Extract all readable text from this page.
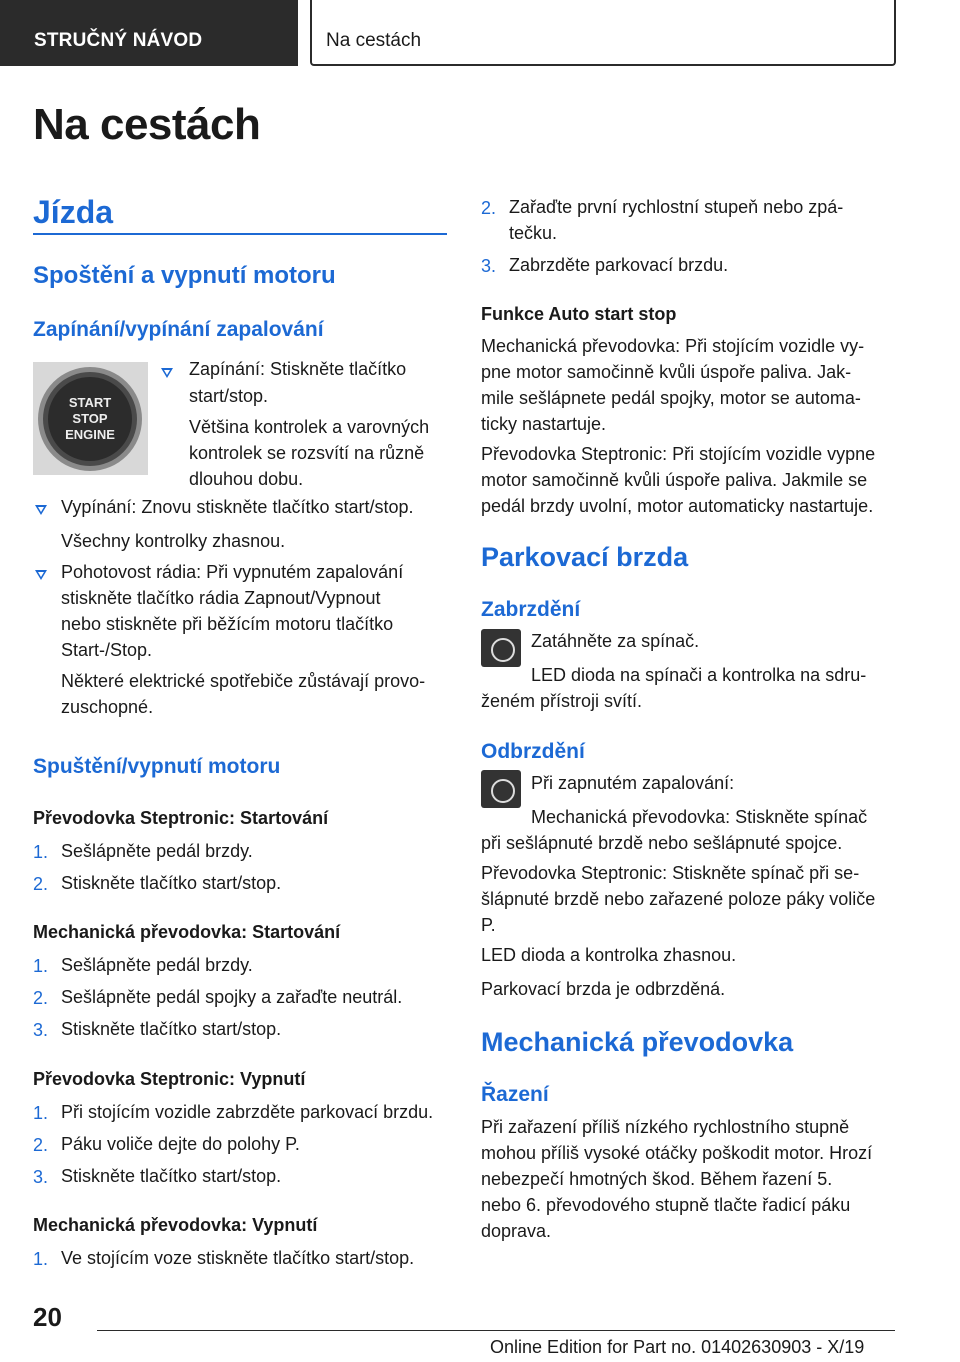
STRUČNÝ NÁVOD	Na cestách
Na cestách
Jízda
Spoštění a vypnutí motoru
Zapínání/vypínání zapalování
START STOP ENGINE
Zapínání: Stiskněte tlačítko
start/stop.
Většina kontrolek a varovných
kontrolek se rozsvítí na různě
dlouhou dobu.
Vypínání: Znovu stiskněte tlačítko start/stop.
Všechny kontrolky zhasnou.
Pohotovost rádia: Při vypnutém zapalování
stiskněte tlačítko rádia Zapnout/Vypnout
nebo stiskněte při běžícím motoru tlačítko
Start-/Stop.
Některé elektrické spotřebiče zůstávají provo-
zuschopné.
Spuštění/vypnutí motoru
Převodovka Steptronic: Startování
1. Sešlápněte pedál brzdy.
2. Stiskněte tlačítko start/stop.
Mechanická převodovka: Startování
1. Sešlápněte pedál brzdy.
2. Sešlápněte pedál spojky a zařaďte neutrál.
3. Stiskněte tlačítko start/stop.
Převodovka Steptronic: Vypnutí
1. Při stojícím vozidle zabrzděte parkovací brzdu.
2. Páku voliče dejte do polohy P.
3. Stiskněte tlačítko start/stop.
Mechanická převodovka: Vypnutí
1. Ve stojícím voze stiskněte tlačítko start/stop.
2. Zařaďte první rychlostní stupeň nebo zpá-
tečku.
3. Zabrzděte parkovací brzdu.
Funkce Auto start stop
Mechanická převodovka: Při stojícím vozidle vy-
pne motor samočinně kvůli úspoře paliva. Jak-
mile sešlápnete pedál spojky, motor se automa-
ticky nastartuje.
Převodovka Steptronic: Při stojícím vozidle vypne
motor samočinně kvůli úspoře paliva. Jakmile se
pedál brzdy uvolní, motor automaticky nastartuje.
Parkovací brzda
Zabrzdění
Zatáhněte za spínač.
LED dioda na spínači a kontrolka na sdru-
ženém přístroji svítí.
Odbrzdění
Při zapnutém zapalování:
Mechanická převodovka: Stiskněte spínač
při sešlápnuté brzdě nebo sešlápnuté spojce.
Převodovka Steptronic: Stiskněte spínač při se-
šlápnuté brzdě nebo zařazené poloze páky voliče
P.
LED dioda a kontrolka zhasnou.
Parkovací brzda je odbrzděná.
Mechanická převodovka
Řazení
Při zařazení příliš nízkého rychlostního stupně
mohou příliš vysoké otáčky poškodit motor. Hrozí
nebezpečí hmotných škod. Během řazení 5.
nebo 6. převodového stupně tlačte řadicí páku
doprava.
20
Online Edition for Part no. 01402630903 - X/19
